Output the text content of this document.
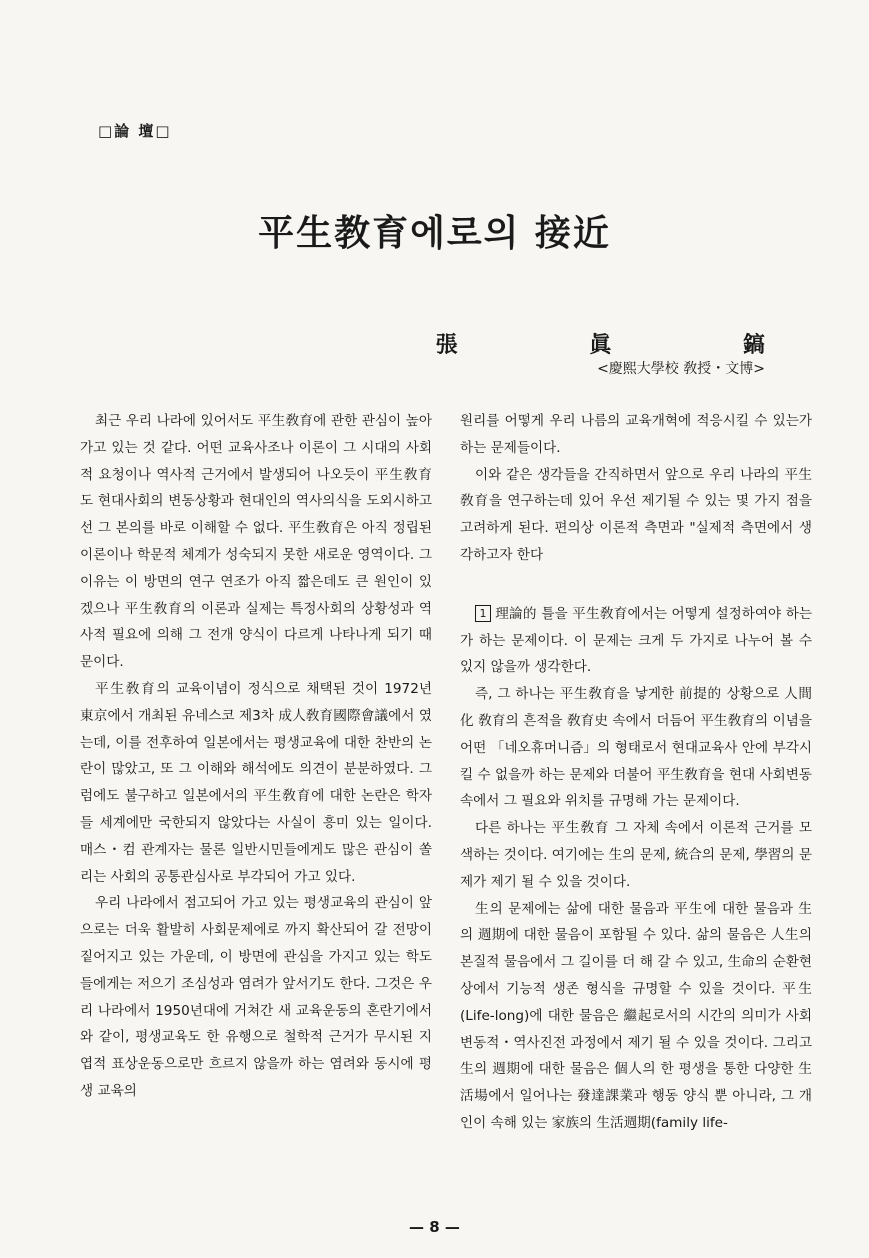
□論 壇□
平生教育에로의 接近
張 眞 鎬
<慶熙大學校 敎授・文博>

최근 우리 나라에 있어서도 平生敎育에 관한 관심이 높아가고 있는 것 같다. 어떤 교육사조나 이론이 그 시대의 사회적 요청이나 역사적 근거에서 발생되어 나오듯이 平生敎育도 현대사회의 변동상황과 현대인의 역사의식을 도외시하고선 그 본의를 바로 이해할 수 없다. 平生敎育은 아직 정립된 이론이나 학문적 체계가 성숙되지 못한 새로운 영역이다. 그 이유는 이 방면의 연구 연조가 아직 짧은데도 큰 원인이 있겠으나 平生敎育의 이론과 실제는 특정사회의 상황성과 역사적 필요에 의해 그 전개 양식이 다르게 나타나게 되기 때문이다.

平生敎育의 교육이념이 정식으로 채택된 것이 1972년 東京에서 개최된 유네스코 제3차 成人敎育國際會議에서 였는데, 이를 전후하여 일본에서는 평생교육에 대한 찬반의 논란이 많았고, 또 그 이해와 해석에도 의견이 분분하였다. 그럼에도 불구하고 일본에서의 平生敎育에 대한 논란은 학자들 세계에만 국한되지 않았다는 사실이 흥미 있는 일이다. 매스・컴 관계자는 물론 일반시민들에게도 많은 관심이 쏠리는 사회의 공통관심사로 부각되어 가고 있다.

우리 나라에서 점고되어 가고 있는 평생교육의 관심이 앞으로는 더욱 활발히 사회문제에로 까지 확산되어 갈 전망이 짙어지고 있는 가운데, 이 방면에 관심을 가지고 있는 학도들에게는 저으기 조심성과 염려가 앞서기도 한다. 그것은 우리 나라에서 1950년대에 거쳐간 새 교육운동의 혼란기에서와 같이, 평생교육도 한 유행으로 철학적 근거가 무시된 지엽적 표상운동으로만 흐르지 않을까 하는 염려와 동시에 평생 교육의

원리를 어떻게 우리 나름의 교육개혁에 적응시킬 수 있는가 하는 문제들이다.

이와 같은 생각들을 간직하면서 앞으로 우리 나라의 平生敎育을 연구하는데 있어 우선 제기될 수 있는 몇 가지 점을 고려하게 된다. 편의상 이론적 측면과 "실제적 측면에서 생각하고자 한다

1 理論的 틀을 平生敎育에서는 어떻게 설정하여야 하는가 하는 문제이다. 이 문제는 크게 두 가지로 나누어 볼 수 있지 않을까 생각한다.

즉, 그 하나는 平生敎育을 낳게한 前提的 상황으로 人間化 敎育의 흔적을 敎育史 속에서 더듬어 平生敎育의 이념을 어떤 「네오휴머니즘」의 형태로서 현대교육사 안에 부각시킬 수 없을까 하는 문제와 더불어 平生敎育을 현대 사회변동속에서 그 필요와 위치를 규명해 가는 문제이다.

다른 하나는 平生敎育 그 자체 속에서 이론적 근거를 모색하는 것이다. 여기에는 生의 문제, 統合의 문제, 學習의 문제가 제기 될 수 있을 것이다.

生의 문제에는 삶에 대한 물음과 平生에 대한 물음과 生의 週期에 대한 물음이 포함될 수 있다. 삶의 물음은 人生의 본질적 물음에서 그 길이를 더 해 갈 수 있고, 生命의 순환현상에서 기능적 생존 형식을 규명할 수 있을 것이다. 平生(Life-long)에 대한 물음은 繼起로서의 시간의 의미가 사회변동적・역사진전 과정에서 제기 될 수 있을 것이다. 그리고 生의 週期에 대한 물음은 個人의 한 평생을 통한 다양한 生活場에서 일어나는 發達課業과 행동 양식 뿐 아니라, 그 개인이 속해 있는 家族의 生活週期(family life-

— 8 —
